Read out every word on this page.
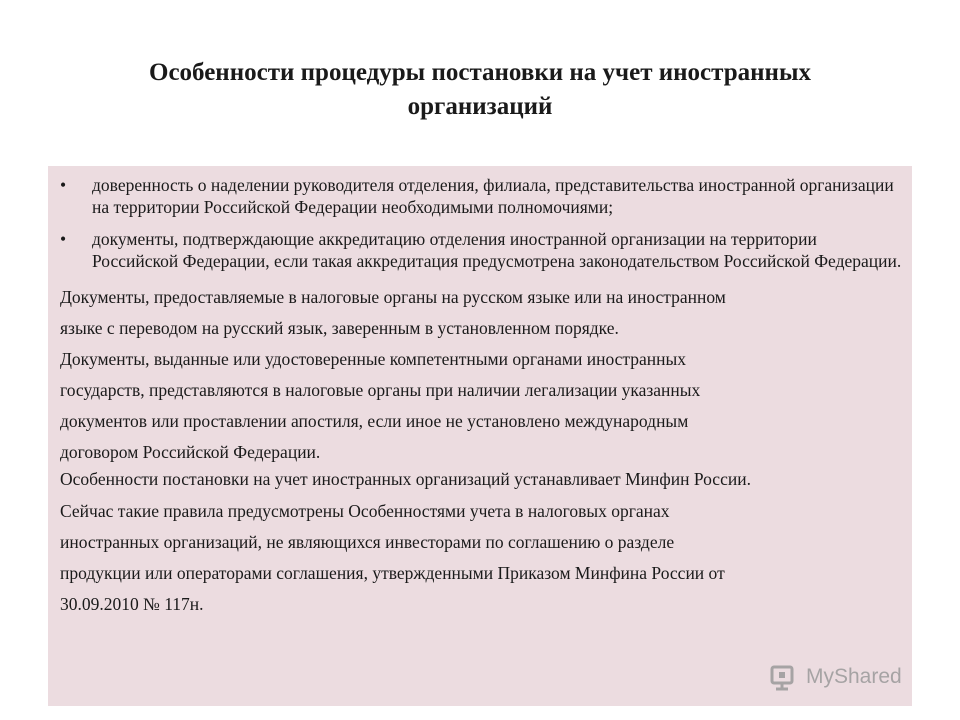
Особенности процедуры постановки на учет иностранных организаций
• доверенность о наделении руководителя отделения, филиала, представительства иностранной организации на территории Российской Федерации необходимыми полномочиями;
• документы, подтверждающие аккредитацию отделения иностранной организации на территории Российской Федерации, если такая аккредитация предусмотрена законодательством Российской Федерации.

Документы, предоставляемые в налоговые органы на русском языке или на иностранном

языке с переводом на русский язык, заверенным в установленном порядке.

Документы, выданные или удостоверенные компетентными органами иностранных

государств, представляются в налоговые органы при наличии легализации указанных

документов или проставлении апостиля, если иное не установлено международным

договором Российской Федерации.

Особенности постановки на учет иностранных организаций устанавливает Минфин России.

Сейчас такие правила предусмотрены Особенностями учета в налоговых органах

иностранных организаций, не являющихся инвесторами по соглашению о разделе

продукции или операторами соглашения, утвержденными Приказом Минфина России от

30.09.2010 № 117н.

MyShared
